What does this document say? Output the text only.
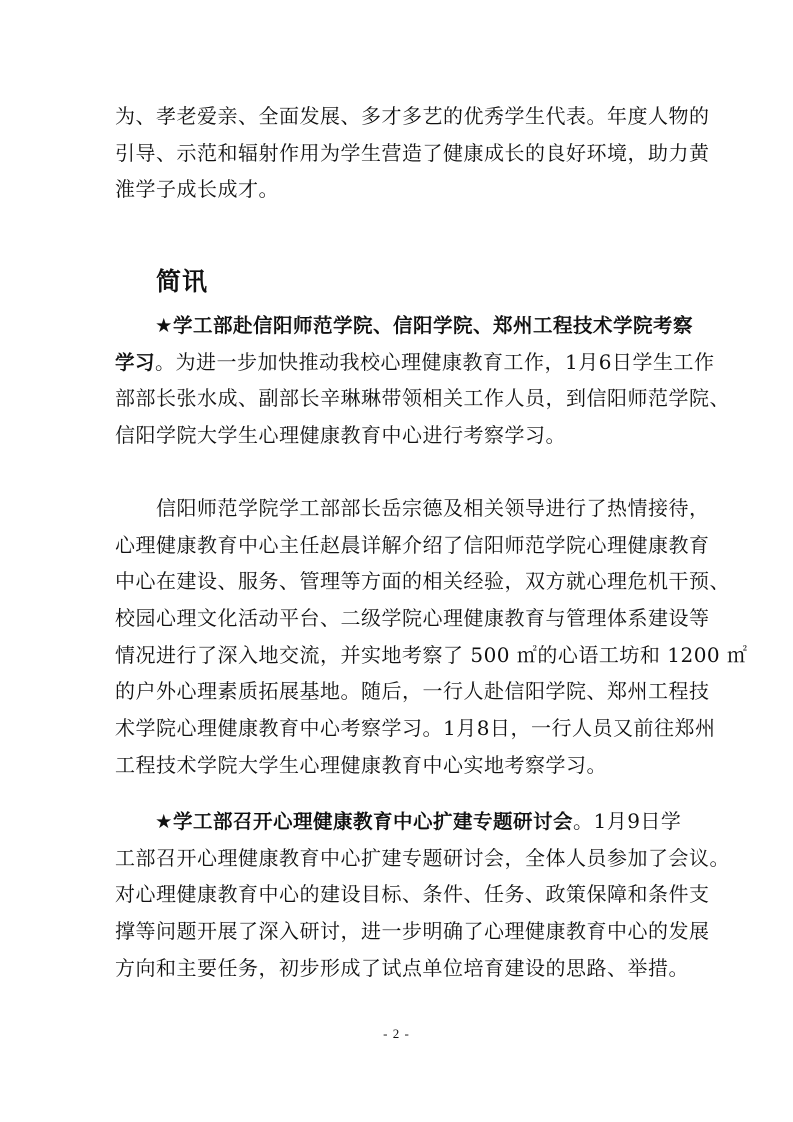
为、孝老爱亲、全面发展、多才多艺的优秀学生代表。年度人物的
引导、示范和辐射作用为学生营造了健康成长的良好环境，助力黄
淮学子成长成才。
简讯
★学工部赴信阳师范学院、信阳学院、郑州工程技术学院考察
学习。为进一步加快推动我校心理健康教育工作，1月6日学生工作
部部长张水成、副部长辛琳琳带领相关工作人员，到信阳师范学院、
信阳学院大学生心理健康教育中心进行考察学习。
　　信阳师范学院学工部部长岳宗德及相关领导进行了热情接待，
心理健康教育中心主任赵晨详解介绍了信阳师范学院心理健康教育
中心在建设、服务、管理等方面的相关经验，双方就心理危机干预、
校园心理文化活动平台、二级学院心理健康教育与管理体系建设等
情况进行了深入地交流，并实地考察了 500 ㎡的心语工坊和 1200 ㎡
的户外心理素质拓展基地。随后，一行人赴信阳学院、郑州工程技
术学院心理健康教育中心考察学习。1月8日，一行人员又前往郑州
工程技术学院大学生心理健康教育中心实地考察学习。
★学工部召开心理健康教育中心扩建专题研讨会。1月9日学
工部召开心理健康教育中心扩建专题研讨会，全体人员参加了会议。
对心理健康教育中心的建设目标、条件、任务、政策保障和条件支
撑等问题开展了深入研讨，进一步明确了心理健康教育中心的发展
方向和主要任务，初步形成了试点单位培育建设的思路、举措。
- 2 -
